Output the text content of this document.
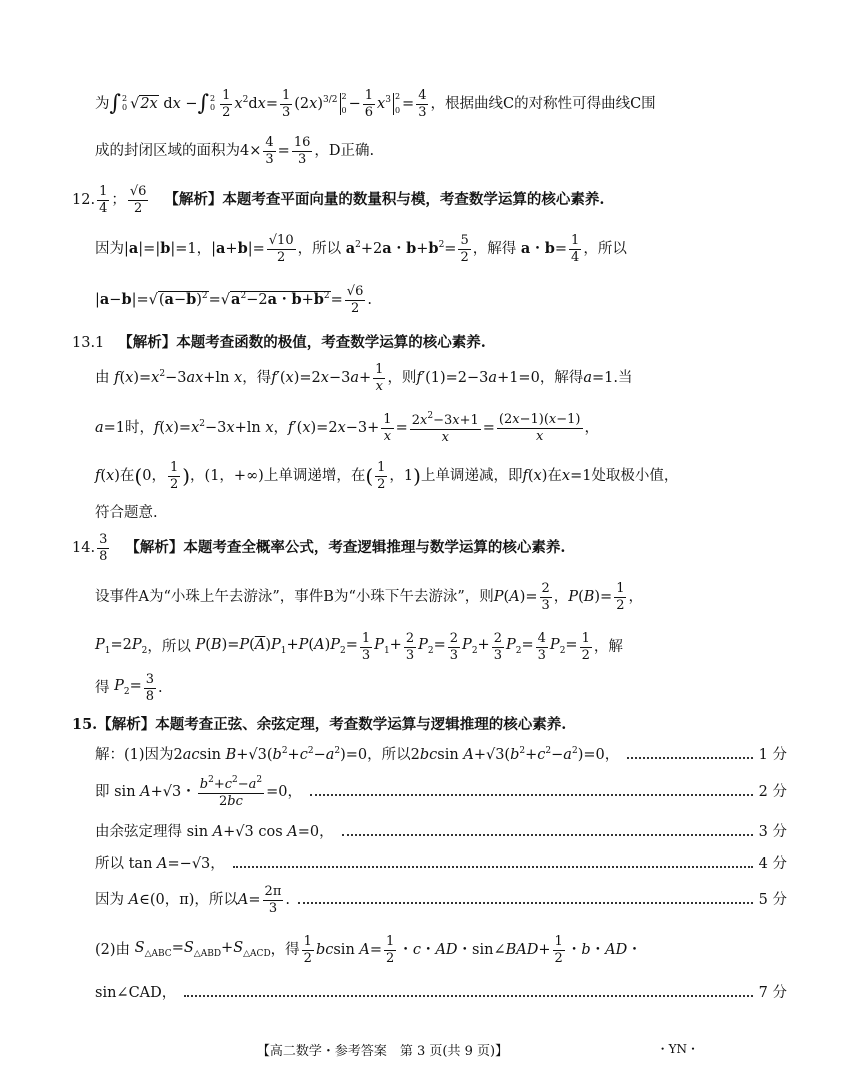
为 ∫ 2
0 √2x dx − ∫ 2
$0 \frac{1}{2} x^2dx= \frac{1}{3} (2x)^{3/2}$ 2
$0 - \frac{1}{6} x^3$ 2
$0 = \frac{4}{3}$ ，根据曲线C的对称性可得曲线C围
成的封闭区域的面积为$4\times \frac{4}{3} = \frac{16}{3}$ ，D正确.
12. $\frac{1}{4}$ ； $\frac{√6}{2}$ 【解析】本题考查平面向量的数量积与模，考查数学运算的核心素养.
因为 |a|=|b|=1，$|a+b|= \frac{√10}{2}$ ，所以 $a^2+2a$・$b+b^2= \frac{5}{2}$ ，解得 a・$b= \frac{1}{4}$ ，所以
$|a-b|=√(a-b)^2=√a^2-2a$・$b+b^2= \frac{√6}{2}$ .
13.1 【解析】本题考查函数的极值，考查数学运算的核心素养.
由 $f(x)=x^2-3ax+\ln$ x ，得 $f'(x)=2x-3a+ \frac{1}{x}$ ，则 f′(1)=2−3a+1=0 ，解得 a=1 .当
a=1 时， $f(x)=x^2-3x+\ln$ x，$f'(x)=2x-3+ \frac{1}{x} = \frac{2x^2-3x+1}{x} = \frac{(2x-1)(x-1)}{x}$ ，
f(x) 在 ( 0， $\frac{1}{2}$ ) ，(1，+∞) 上单调递增，在 ( $\frac{1}{2}$ ，1 ) 上单调递减，即 f(x) 在 x=1 处取极小值，
符合题意.
14. $\frac{3}{8}$ 【解析】本题考查全概率公式，考查逻辑推理与数学运算的核心素养.
设事件A为“小珠上午去游泳”，事件B为“小珠下午去游泳”，则 $P(A)= \frac{2}{3}$ ，$P(B)= \frac{1}{2}$ ，
$P_1=2P_2$ ，所以 $P(B)=P(\overline{A})P_1+P(A)P_2= \frac{1}{3} P_1+ \frac{2}{3} P_2= \frac{2}{3} P_2+ \frac{2}{3} P_2= \frac{4}{3} P_2= \frac{1}{2}$ ，解
得 $P_2= \frac{3}{8}$ .
15.【解析】本题考查正弦、余弦定理，考查数学运算与逻辑推理的核心素养.
解：(1)因为 2acsin $B+√3(b^2+c^2-a^2)=0$ ，所以 2bcsin $A+√3(b^2+c^2-a^2)=0$，	1 分
即 sin A+√3・ $\frac{b^2+c^2-a^2}{2bc} =0$，	2 分
由余弦定理得 sin A+√3 cos A=0，	3 分
所以 tan A=−√3，	4 分
因为 A∈(0，π) ，所以 $A= \frac{2\pi}{3}$ .	5 分
(2)由 $S_{\triangle ABC}=S_{\triangle ABD}+S_{\triangle ACD}$ ，得 $\frac{1}{2}$ bcsin $A= \frac{1}{2}$ ・c・AD・sin∠BAD+ $\frac{1}{2}$ ・b・AD・
sin∠CAD，	7 分
【高二数学・参考答案　第 3 页(共 9 页)】	・YN・
